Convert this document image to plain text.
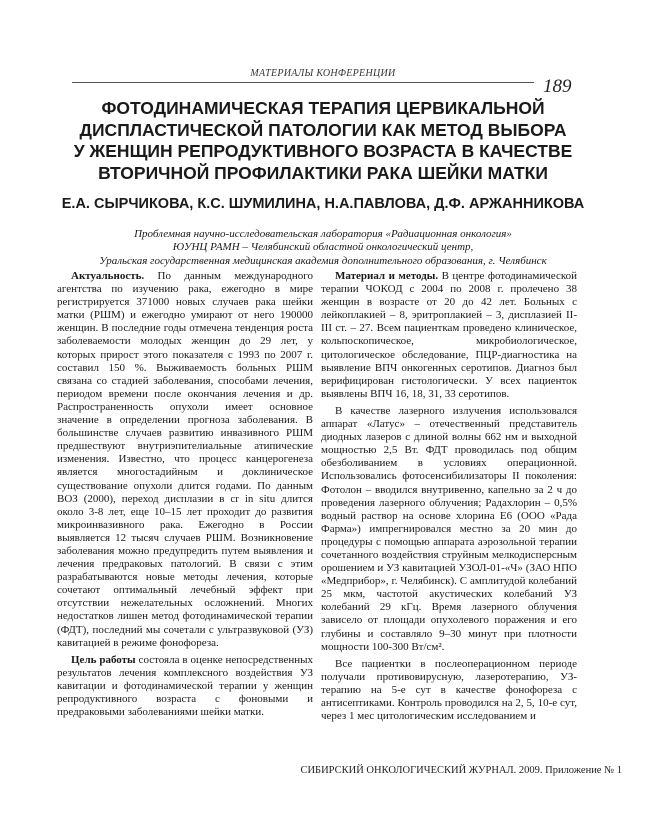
МАТЕРИАЛЫ КОНФЕРЕНЦИИ
189
ФОТОДИНАМИЧЕСКАЯ ТЕРАПИЯ ЦЕРВИКАЛЬНОЙ
ДИСПЛАСТИЧЕСКОЙ ПАТОЛОГИИ КАК МЕТОД ВЫБОРА
У ЖЕНЩИН РЕПРОДУКТИВНОГО ВОЗРАСТА В КАЧЕСТВЕ
ВТОРИЧНОЙ ПРОФИЛАКТИКИ РАКА ШЕЙКИ МАТКИ
Е.А. СЫРЧИКОВА, К.С. ШУМИЛИНА, Н.А.ПАВЛОВА, Д.Ф. АРЖАННИКОВА
Проблемная научно-исследовательская лаборатория «Радиационная онкология»
ЮУНЦ РАМН – Челябинский областной онкологический центр,
Уральская государственная медицинская академия дополнительного образования, г. Челябинск

Актуальность. По данным международного агентства по изучению рака, ежегодно в мире регистрируется 371000 новых случаев рака шейки матки (РШМ) и ежегодно умирают от него 190000 женщин. В последние годы отмечена тенденция роста заболеваемости молодых женщин до 29 лет, у которых прирост этого показателя с 1993 по 2007 г. составил 150 %. Выживаемость больных РШМ связана со стадией заболевания, способами лечения, периодом времени после окончания лечения и др. Распространенность опухоли имеет основное значение в определении прогноза заболевания. В большинстве случаев развитию инвазивного РШМ предшествуют внутриэпителиальные атипические изменения. Известно, что процесс канцерогенеза является многостадийным и доклиническое существование опухоли длится годами. По данным ВОЗ (2000), переход дисплазии в cr in situ длится около 3-8 лет, еще 10–15 лет проходит до развития микроинвазивного рака. Ежегодно в России выявляется 12 тысяч случаев РШМ. Возникновение заболевания можно предупредить путем выявления и лечения предраковых патологий. В связи с этим разрабатываются новые методы лечения, которые сочетают оптимальный лечебный эффект при отсутствии нежелательных осложнений. Многих недостатков лишен метод фотодинамической терапии (ФДТ), последний мы сочетали с ультразвуковой (УЗ) кавитацией в режиме фонофореза.

Цель работы состояла в оценке непосредственных результатов лечения комплексного воздействия УЗ кавитации и фотодинамической терапии у женщин репродуктивного возраста с фоновыми и предраковыми заболеваниями шейки матки.

Материал и методы. В центре фотодинамической терапии ЧОКОД с 2004 по 2008 г. пролечено 38 женщин в возрасте от 20 до 42 лет. Больных с лейкоплакией – 8, эритроплакией – 3, дисплазией II-III ст. – 27. Всем пациенткам проведено клиническое, кольпоскопическое, микробиологическое, цитологическое обследование, ПЦР-диагностика на выявление ВПЧ онкогенных серотипов. Диагноз был верифицирован гистологически. У всех пациенток выявлены ВПЧ 16, 18, 31, 33 серотипов.

В качестве лазерного излучения использовался аппарат «Латус» – отечественный представитель диодных лазеров с длиной волны 662 нм и выходной мощностью 2,5 Вт. ФДТ проводилась под общим обезболиванием в условиях операционной. Использовались фотосенсибилизаторы II поколения: Фотолон – вводился внутривенно, капельно за 2 ч до проведения лазерного облучения; Радахлорин – 0,5% водный раствор на основе хлорина Е6 (ООО «Рада Фарма») импрегнировался местно за 20 мин до процедуры с помощью аппарата аэрозольной терапии сочетанного воздействия струйным мелкодисперсным орошением и УЗ кавитацией УЗОЛ-01-«Ч» (ЗАО НПО «Медприбор», г. Челябинск). С амплитудой колебаний 25 мкм, частотой акустических колебаний УЗ колебаний 29 кГц. Время лазерного облучения зависело от площади опухолевого поражения и его глубины и составляло 9–30 минут при плотности мощности 100-300 Вт/см².

Все пациентки в послеоперационном периоде получали противовирусную, лазеротерапию, УЗ-терапию на 5-е сут в качестве фонофореза с антисептиками. Контроль проводился на 2, 5, 10-е сут, через 1 мес цитологическим исследованием и

СИБИРСКИЙ ОНКОЛОГИЧЕСКИЙ ЖУРНАЛ. 2009. Приложение № 1
